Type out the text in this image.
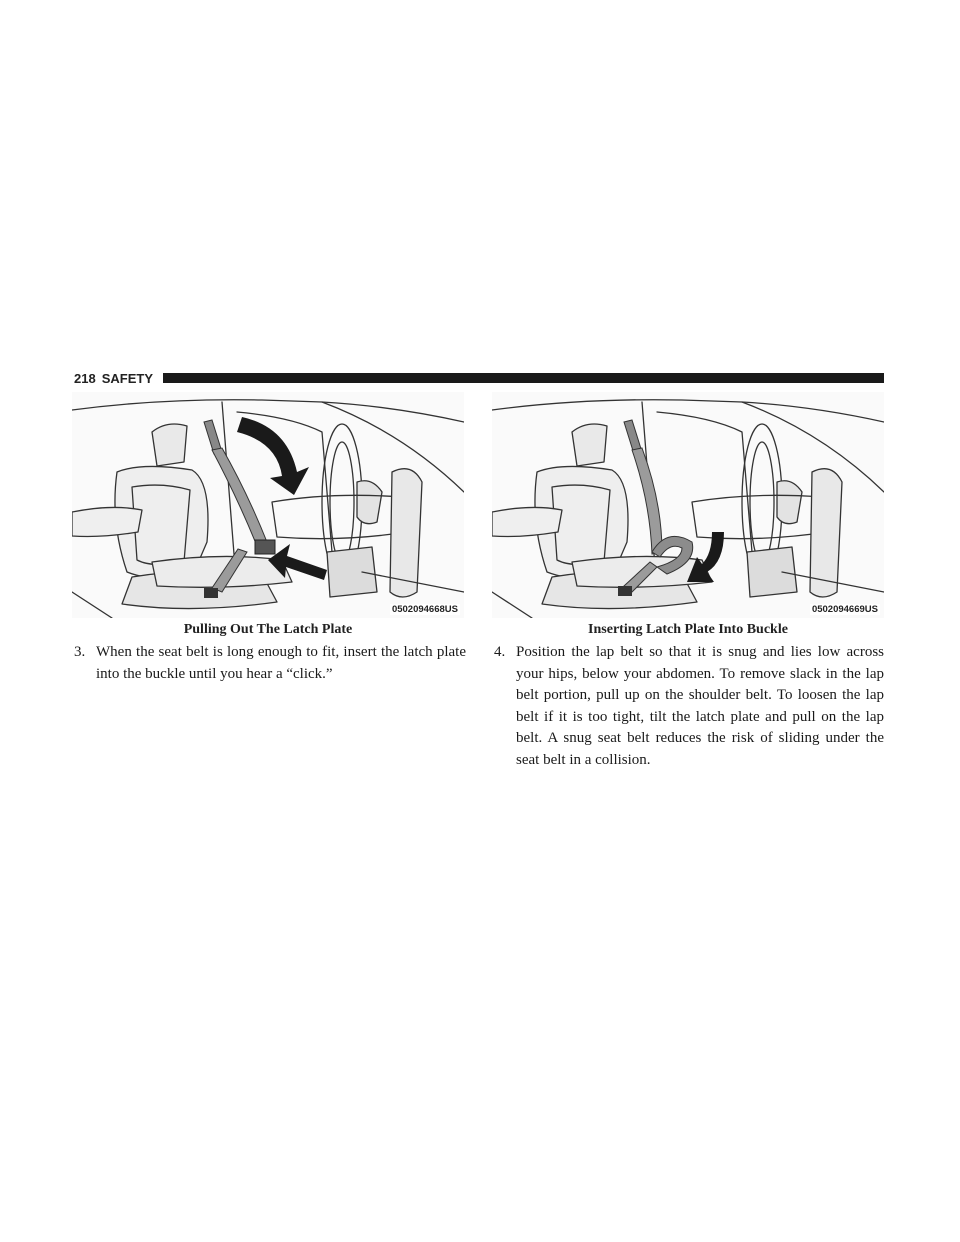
218 SAFETY
0502094668US	0502094669US
Pulling Out The Latch Plate	Inserting Latch Plate Into Buckle
3. When the seat belt is long enough to fit, insert the latch plate into the buckle until you hear a “click.”
4. Position the lap belt so that it is snug and lies low across your hips, below your abdomen. To remove slack in the lap belt portion, pull up on the shoulder belt. To loosen the lap belt if it is too tight, tilt the latch plate and pull on the lap belt. A snug seat belt reduces the risk of sliding under the seat belt in a collision.
